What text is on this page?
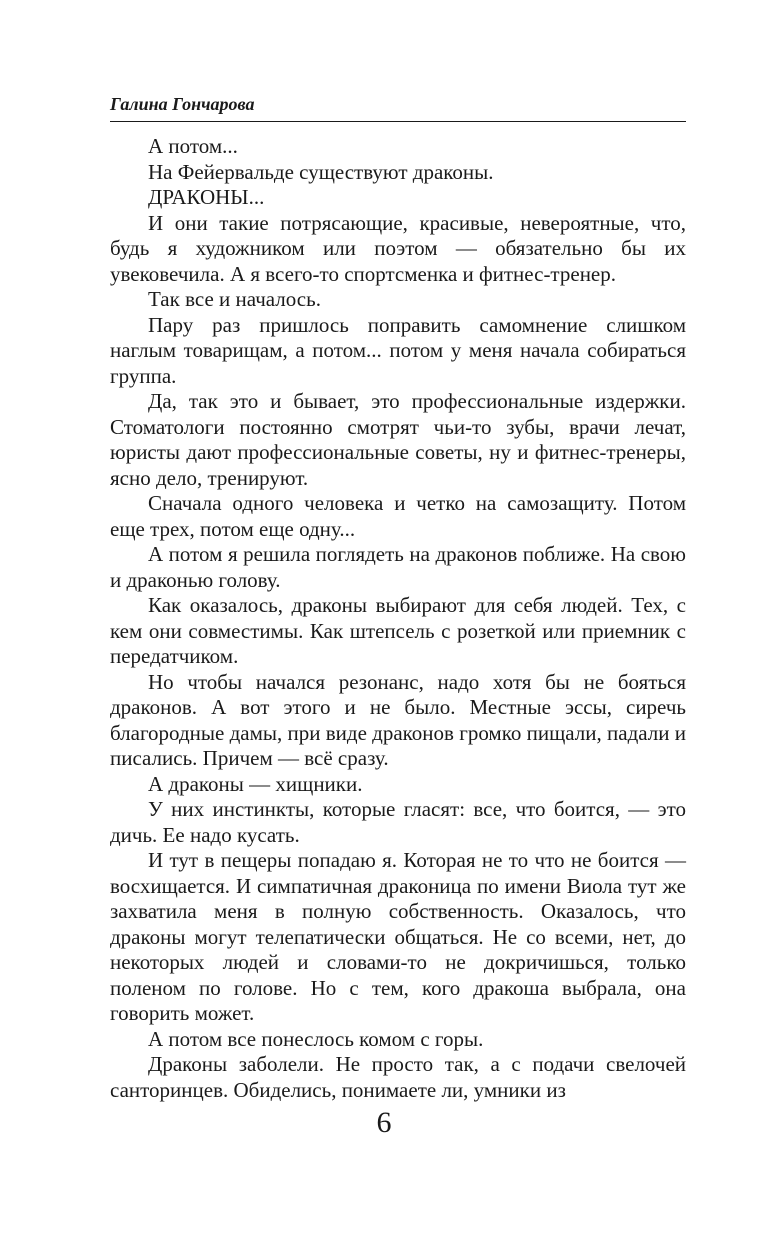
Галина Гончарова

А потом...

На Фейервальде существуют драконы.

ДРАКОНЫ...

И они такие потрясающие, красивые, невероятные, что, будь я художником или поэтом — обязательно бы их увековечила. А я всего-то спортсменка и фитнес-тренер.

Так все и началось.

Пару раз пришлось поправить самомнение слишком наглым товарищам, а потом... потом у меня начала собираться группа.

Да, так это и бывает, это профессиональные издержки. Стоматологи постоянно смотрят чьи-то зубы, врачи лечат, юристы дают профессиональные советы, ну и фитнес-тренеры, ясно дело, тренируют.

Сначала одного человека и четко на самозащиту. Потом еще трех, потом еще одну...

А потом я решила поглядеть на драконов поближе. На свою и драконью голову.

Как оказалось, драконы выбирают для себя людей. Тех, с кем они совместимы. Как штепсель с розеткой или приемник с передатчиком.

Но чтобы начался резонанс, надо хотя бы не бояться драконов. А вот этого и не было. Местные эссы, сиречь благородные дамы, при виде драконов громко пищали, падали и писались. Причем — всё сразу.

А драконы — хищники.

У них инстинкты, которые гласят: все, что боится, — это дичь. Ее надо кусать.

И тут в пещеры попадаю я. Которая не то что не боится — восхищается. И симпатичная драконица по имени Виола тут же захватила меня в полную собственность. Оказалось, что драконы могут телепатически общаться. Не со всеми, нет, до некоторых людей и словами-то не докричишься, только поленом по голове. Но с тем, кого дракоша выбрала, она говорить может.

А потом все понеслось комом с горы.

Драконы заболели. Не просто так, а с подачи свелочей санторинцев. Обиделись, понимаете ли, умники из

6
